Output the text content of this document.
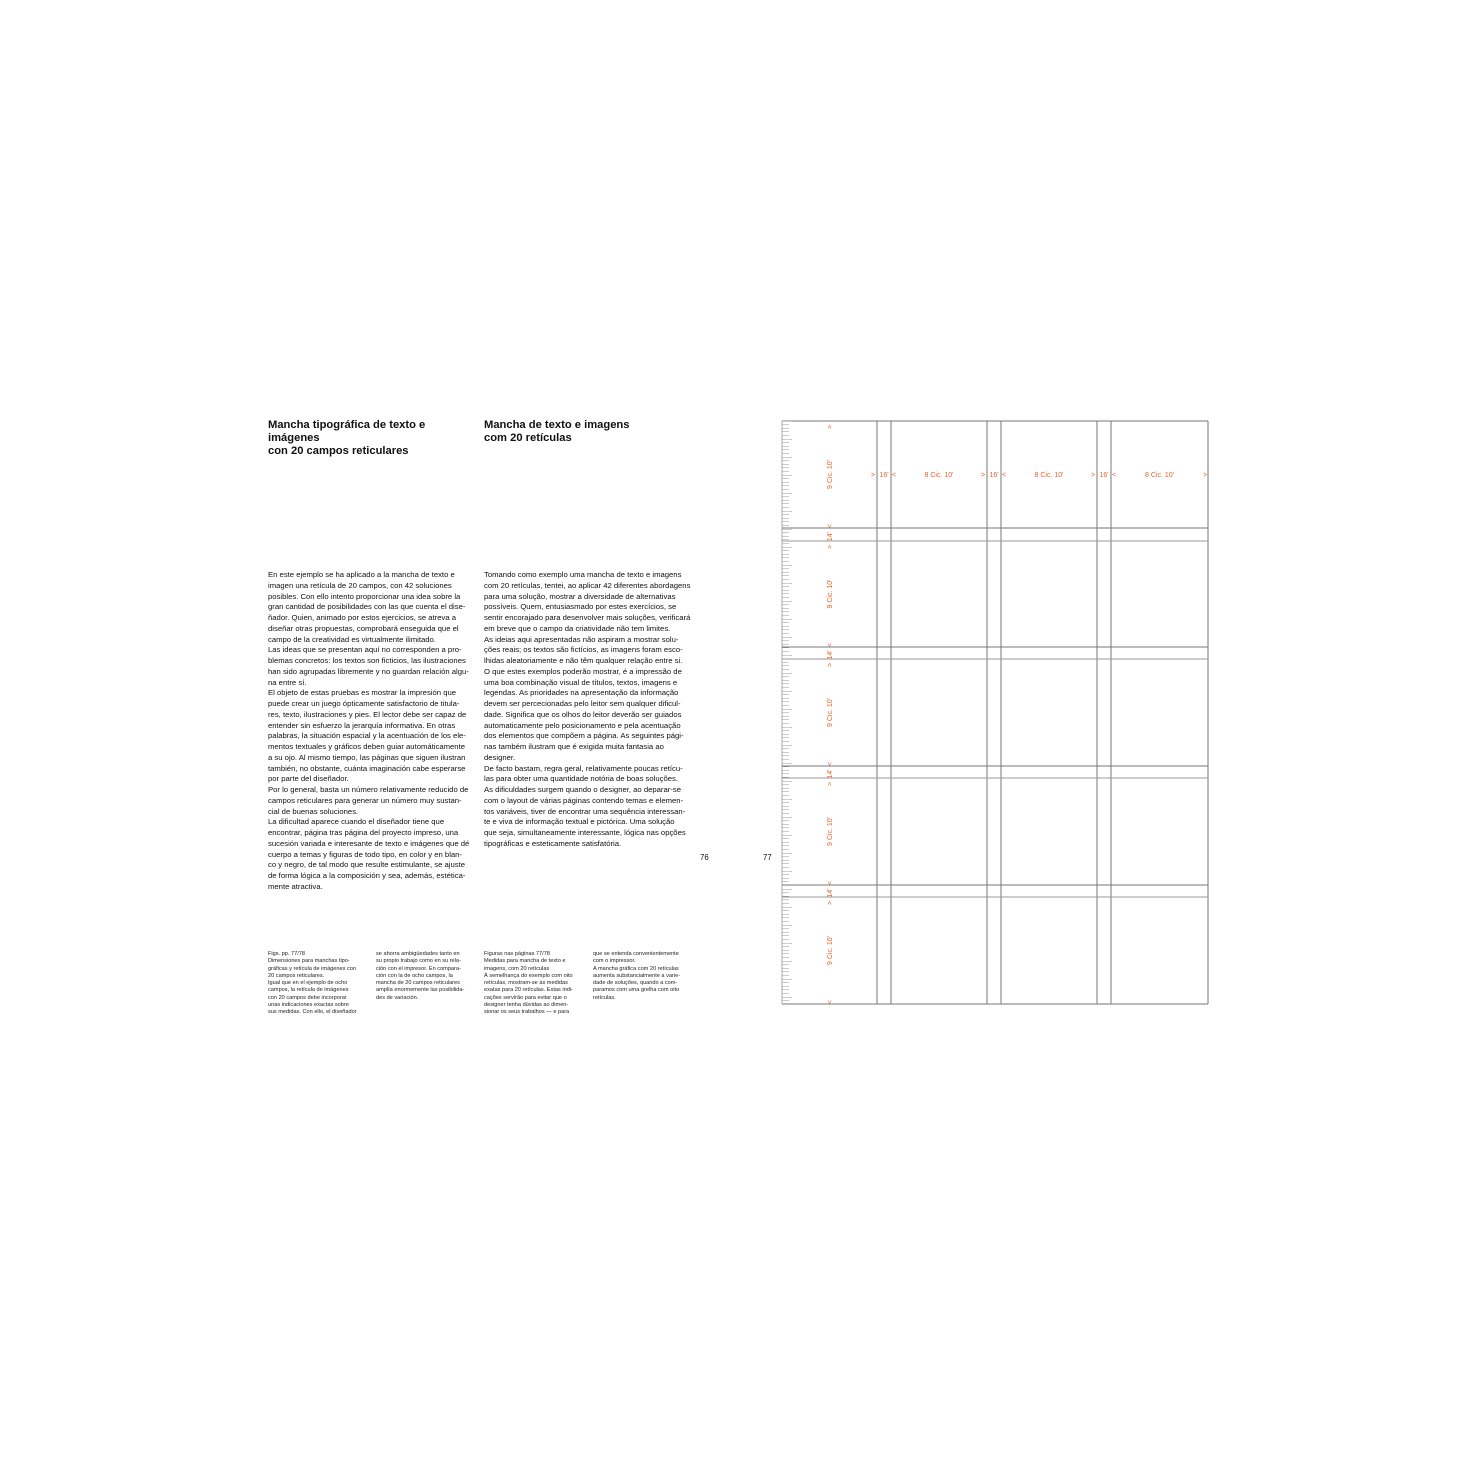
Mancha tipográfica de texto e imágenes
con 20 campos reticulares
Mancha de texto e imagens
com 20 retículas
En este ejemplo se ha aplicado a la mancha de texto e
imagen una retícula de 20 campos, con 42 soluciones
posibles. Con ello intento proporcionar una idea sobre la
gran cantidad de posibilidades con las que cuenta el dise-
ñador. Quien, animado por estos ejercicios, se atreva a
diseñar otras propuestas, comprobará enseguida que el
campo de la creatividad es virtualmente ilimitado.
Las ideas que se presentan aquí no corresponden a pro-
blemas concretos: los textos son ficticios, las ilustraciones
han sido agrupadas libremente y no guardan relación algu-
na entre sí.
El objeto de estas pruebas es mostrar la impresión que
puede crear un juego ópticamente satisfactorio de titula-
res, texto, ilustraciones y pies. El lector debe ser capaz de
entender sin esfuerzo la jerarquía informativa. En otras
palabras, la situación espacial y la acentuación de los ele-
mentos textuales y gráficos deben guiar automáticamente
a su ojo. Al mismo tiempo, las páginas que siguen ilustran
también, no obstante, cuánta imaginación cabe esperarse
por parte del diseñador.
Por lo general, basta un número relativamente reducido de
campos reticulares para generar un número muy sustan-
cial de buenas soluciones.
La dificultad aparece cuando el diseñador tiene que
encontrar, página tras página del proyecto impreso, una
sucesión variada e interesante de texto e imágenes que dé
cuerpo a temas y figuras de todo tipo, en color y en blan-
co y negro, de tal modo que resulte estimulante, se ajuste
de forma lógica a la composición y sea, además, estética-
mente atractiva.
Tomando como exemplo uma mancha de texto e imagens
com 20 retículas, tentei, ao aplicar 42 diferentes abordagens
para uma solução, mostrar a diversidade de alternativas
possíveis. Quem, entusiasmado por estes exercícios, se
sentir encorajado para desenvolver mais soluções, verificará
em breve que o campo da criatividade não tem limites.
As ideias aqui apresentadas não aspiram a mostrar solu-
ções reais; os textos são fictícios, as imagens foram esco-
lhidas aleatoriamente e não têm qualquer relação entre si.
O que estes exemplos poderão mostrar, é a impressão de
uma boa combinação visual de títulos, textos, imagens e
legendas. As prioridades na apresentação da informação
devem ser percecionadas pelo leitor sem qualquer dificul-
dade. Significa que os olhos do leitor deverão ser guiados
automaticamente pelo posicionamento e pela acentuação
dos elementos que compõem a página. As seguintes pági-
nas também ilustram que é exigida muita fantasia ao
designer.
De facto bastam, regra geral, relativamente poucas retícu-
las para obter uma quantidade notória de boas soluções.
As dificuldades surgem quando o designer, ao deparar-se
com o layout de várias páginas contendo temas e elemen-
tos variáveis, tiver de encontrar uma sequência interessan-
te e viva de informação textual e pictórica. Uma solução
que seja, simultaneamente interessante, lógica nas opções
tipográficas e esteticamente satisfatória.
Figs. pp. 77/78
Dimensiones para manchas tipo-
gráficas y retícula de imágenes con
20 campos reticulares.
Igual que en el ejemplo de ocho
campos, la retícula de imágenes
con 20 campos debe incorporar
unas indicaciones exactas sobre
sus medidas. Con ello, el diseñador
se ahorra ambigüedades tanto en
su propio trabajo como en su rela-
ción con el impresor. En compara-
ción con la de ocho campos, la
mancha de 20 campos reticulares
amplía enormemente las posibilida-
des de variación.
Figuras nas páginas 77/78
Medidas para mancha de texto e
imagens, com 20 retículas
À semelhança do exemplo com oito
retículas, mostram-se as medidas
exatas para 20 retículas. Estas indi-
cações servirão para evitar que o
designer tenha dúvidas ao dimen-
sionar os seus trabalhos — e para
que se entenda convenientemente
com o impressor.
A mancha gráfica com 20 retículas
aumenta substancialmente a varie-
dade de soluções, quando a com-
paramos com uma grelha com oito
retículas.
76	77
> 16' <	8 Cic. 10'	> 16' <	8 Cic. 10'	> 16' <	8 Cic. 10'	>
9 Cic. 10'
>
<
9 Cic. 10'
>
<
9 Cic. 10'
>
<
9 Cic. 10'
>
<
9 Cic. 10'
>
<
14'
14'
14'
14'
